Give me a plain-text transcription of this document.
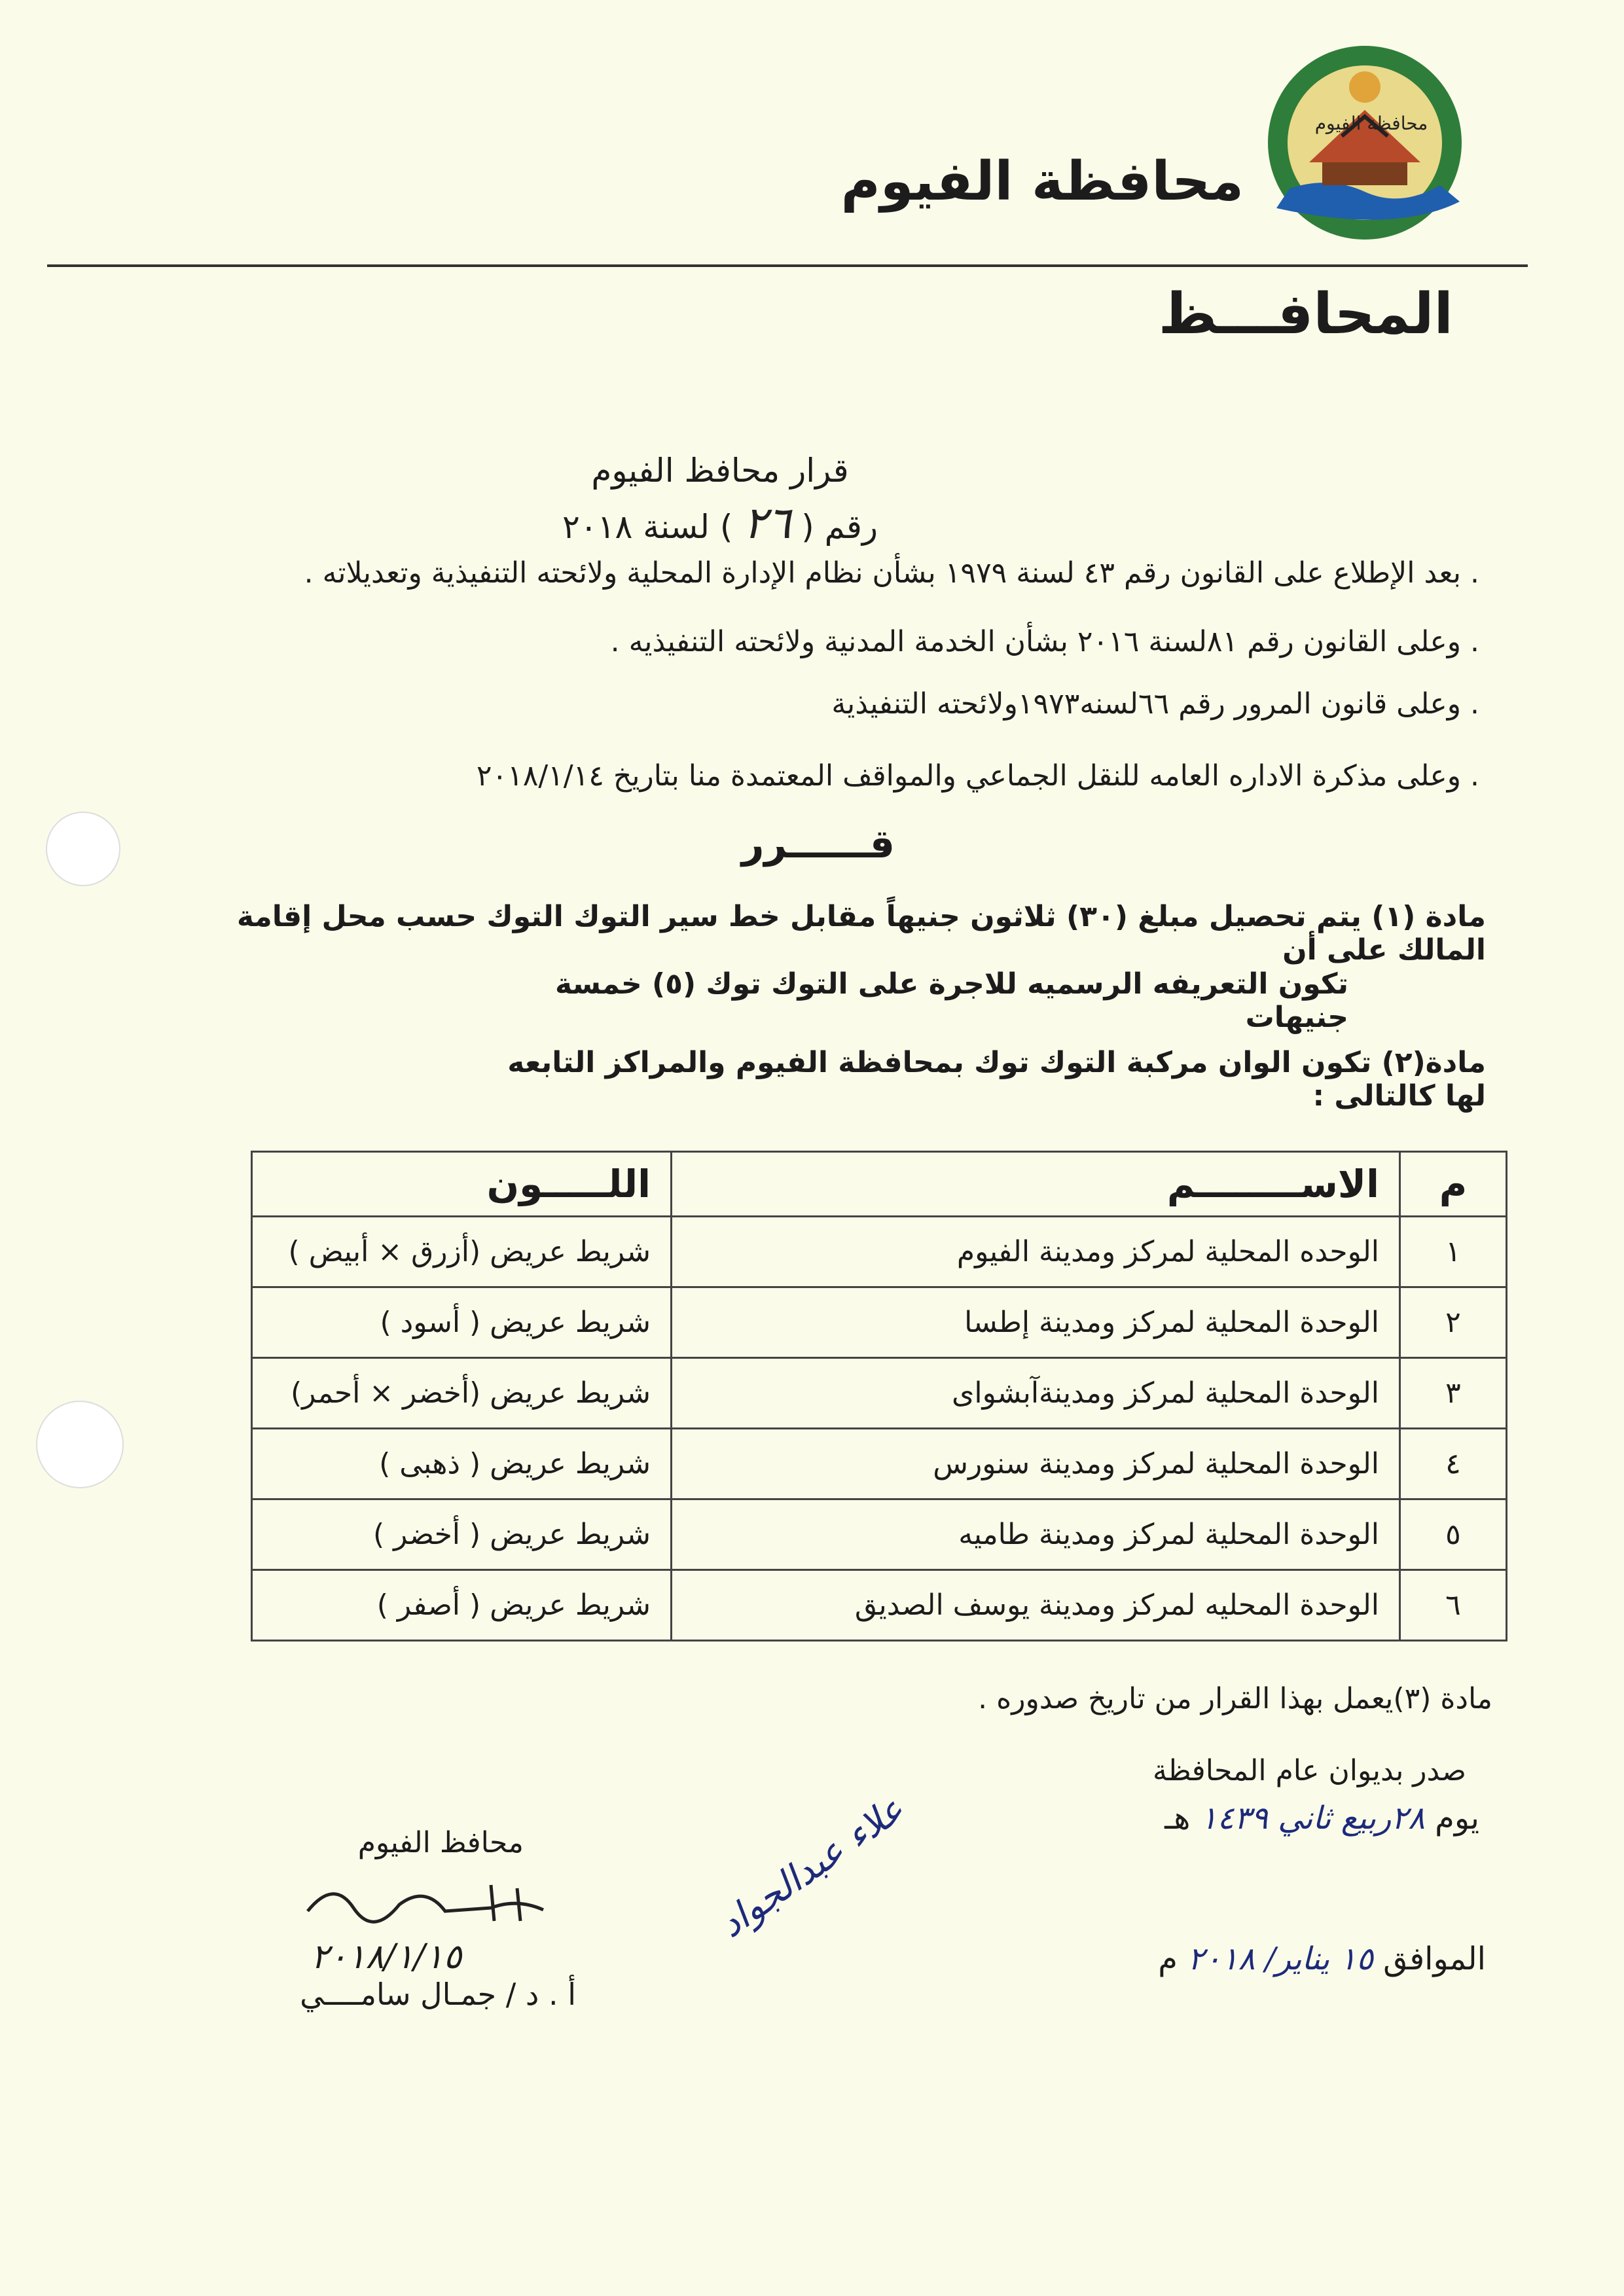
محافظة الفيوم
محافظة الفيوم
المحافـــظ
قرار محافظ الفيوم
رقم ( ٢٦ ) لسنة ٢٠١٨
. بعد الإطلاع على القانون رقم ٤٣ لسنة ١٩٧٩ بشأن نظام الإدارة المحلية ولائحته التنفيذية وتعديلاته .
. وعلى القانون رقم ٨١لسنة ٢٠١٦ بشأن الخدمة المدنية ولائحته التنفيذيه .
. وعلى قانون المرور رقم ٦٦لسنه١٩٧٣ولائحته التنفيذية
. وعلى مذكرة الاداره العامه للنقل الجماعي والمواقف المعتمدة منا بتاريخ ٢٠١٨/١/١٤
قــــــرر
مادة (١) يتم تحصيل مبلغ (٣٠) ثلاثون جنيهاً مقابل خط سير التوك التوك حسب محل إقامة المالك على أن
تكون التعريفه الرسميه للاجرة على التوك توك (٥) خمسة جنيهات
مادة(٢) تكون الوان مركبة التوك توك بمحافظة الفيوم والمراكز التابعه لها كالتالى :
م	الاســــــــم	اللـــــون
١	الوحده المحلية لمركز ومدينة الفيوم	شريط عريض (أزرق × أبيض )
٢	الوحدة المحلية لمركز ومدينة إطسا	شريط عريض ( أسود )
٣	الوحدة المحلية لمركز ومدينةآبشواى	شريط عريض (أخضر × أحمر)
٤	الوحدة المحلية لمركز ومدينة سنورس	شريط عريض ( ذهبى )
٥	الوحدة المحلية لمركز ومدينة طاميه	شريط عريض ( أخضر )
٦	الوحدة المحليه لمركز ومدينة يوسف الصديق	شريط عريض ( أصفر )
مادة (٣)يعمل بهذا القرار من تاريخ صدوره .
صدر بديوان عام المحافظة
يوم ٢٨ربيع ثاني ١٤٣٩ هـ
الموافق ١٥ يناير/ ٢٠١٨ م
محافظ الفيوم
٢٠١٨/١/١٥
أ . د / جمـال سامــــي
علاء عبدالجواد
